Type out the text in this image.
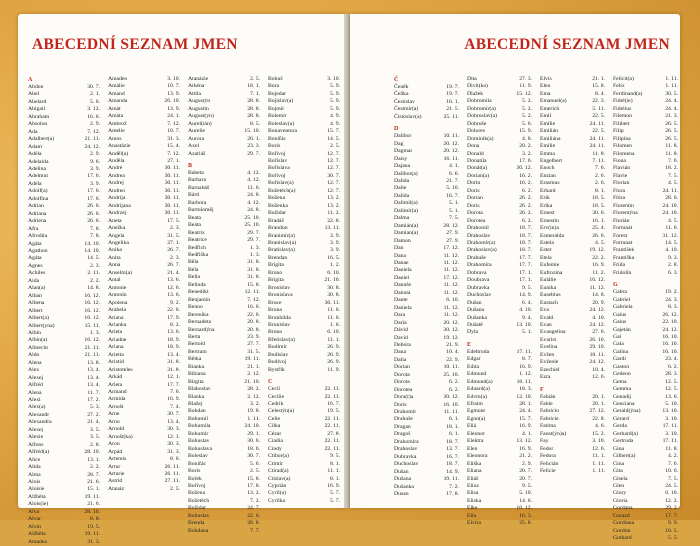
ABECEDNÍ SEZNAM JMEN
A
Abdon	30. 7.
Abel	2. 1.
Abelard	5. 6.
Abigail	3. 12.
Abraham	16. 6.
Absolon	2. 9.
Ada	7. 12.
Adalbert(a)	21. 11.
Adam	24. 12.
Adéla	2. 9.
Adelaida	9. 6.
Adelina	3. 9.
Adelmut	17. 6.
Adéla	3. 9.
Adolf(a)	17. 6.
Adolfína	17. 6.
Adrian	26. 6.
Adriana	26. 6.
Adriena	26. 6.
Afra	7. 8.
Afrodita	7. 8.
Agáta	14. 10.
Agathon	14. 10.
Agáta	14. 5.
Agnes	2. 3.
Achiles	2. 11.
Aida	2. 2.
Alan(a)	14. 8.
Alban	16. 12.
Albena	16. 12.
Albert	16. 12.
Albert(a)	16. 12.
Albert(yna)	15. 11.
Albín	1. 3.
Albín(a)	16. 12.
Albrecht	21. 11.
Aldo	21. 11.
Alena	13. 8.
Alex	13. 4.
Alexej	13. 4.
Alfréd	13. 4.
Alena	11. 7.
Alexi	17. 2.
Alex(a)	5. 3.
Alexandr	27. 2.
Alexandra	21. 4.
Alexej	3. 5.
Alexie	3. 5.
Alfons	2. 8.
Alfréd(a)	28. 10.
Alice	13. 1.
Alida	2. 2.
Alma	28. 7.
Alois	21. 6.
Aloisie	15. 1.
Alžběta	19. 11.
Alois(ie)	21. 6.
Alva	28. 10.
Alvar	8. 8.
Alvin	19. 5.
Alžběta	19. 11.
Amadea	31. 3.
Amadeo	3. 10.
Amálie	10. 7.
Amand	13. 9.
Amanda	26. 10.
Amát	13. 9.
Amáta	24. 1.
Ambrož	7. 12.
Amelie	10. 7.
Amos	31. 3.
Anastázie	15. 4.
Anděl(a)	7. 12.
Anděla	27. 1.
André	30. 11.
Andrea	30. 11.
Andrej	30. 11.
Andreo	30. 11.
Andrija	30. 11.
Andrijana	30. 11.
Andrzej	30. 11.
Aneta	17. 5.
Anežka	2. 3.
Angela	31. 5.
Angelika	27. 1.
Anika	26. 7.
Anita	2. 3.
Anna	26. 7.
Anselm(a)	21. 4.
Antal	13. 6.
Antonie	12. 6.
Antonín	13. 6.
Apolena	9. 2.
Arabela	22. 6.
Ariana	17. 9.
Arianka	8. 2.
Arieta	13. 6.
Ariadne	18. 9.
Ariana	18. 9.
Arietta	13. 4.
Aristid	31. 8.
Aristoteles	31. 8.
Arkád	12. 1.
Arleta	17. 7.
Armand	7. 6.
Armida	16. 9.
Arnošt	7. 4.
Arne	30. 7.
Arno	13. 4.
Arnold	30. 3.
Arnošt(ka)	12. 1.
Aron	30. 3.
Arpád	31. 3.
Artemis	8. 6.
Artur	26. 11.
Arturie	26. 11.
Astrid	27. 11.
Atanáz	2. 5.
Atanázie	2. 5.
Athéna	18. 1.
Attila	7. 1.
Augustýn	28. 8.
Augustin	28. 8.
August(yn)	28. 8.
Aurel(ián)	8. 5.
Aurelie	15. 10.
Aurora	26. 1.
Axel	23. 3.
Azariáš	29. 7.
B
Babeta	4. 12.
Barbara	4. 12.
Barnabáš	11. 6.
Bártl	24. 8.
Barbora	4. 12.
Bartoloměj	24. 8.
Beata	25. 10.
Beáta	25. 10.
Beatrix	29. 7.
Beatrice	29. 7.
Bedřich	1. 3.
Bedřiška	1. 3.
Běla	31. 8.
Béla	31. 8.
Bella	31. 8.
Belinda	15. 8.
Benedikt	12. 11.
Benjamín	7. 12.
Benno	16. 6.
Berenika	22. 6.
Bernadeta	20. 8.
Bernardýna	20. 8.
Berta	23. 9.
Bertold	27. 7.
Bertram	31. 5.
Bětka	19. 11.
Bianka	21. 1.
Bibiana	2. 12.
Birgita	21. 10.
Blahoslav	28. 2.
Blanka	2. 12.
Blažej	3. 2.
Bohdan	19. 8.
Bohumil	1. 11.
Bohumila	24. 10.
Bohumír	29. 1.
Bohuslav	30. 6.
Bohuslava	18. 6.
Boleslav	30. 7.
Bonifác	5. 6.
Boris	2. 5.
Bořek	15. 8.
Bořivoj	17. 8.
Božena	13. 2.
Božetěch	7. 2.
Božidar	24. 7.
Bohuslav	22. 6.
Brenda	28. 8.
Bohdana	7. 7.
Bohuš	3. 10.
Bora	5. 9.
Bojedar	5. 9.
Bojislav(a)	5. 9.
Bojmir	5. 9.
Bolemír	4. 9.
Boleslav(a)	4. 9.
Bonaventura	15. 7.
Bonifác	14. 5.
Boris	2. 5.
Bořivoj	12. 7.
Bořislav	12. 7.
Bořislava	12. 7.
Bořivoj	30. 7.
Bořislav(a)	12. 7.
Božetěch(a)	12. 7.
Božena	13. 2.
Boženka	13. 2.
Božidar	11. 2.
Bradáč	22. 8.
Brandon	13. 11.
Branimír(a)	3. 9.
Branislav(a)	3. 9.
Bratislav(a)	3. 9.
Brendan	16. 5.
Brigita	1. 2.
Bruno	6. 10.
Brigita	21. 10.
Bronislav	30. 8.
Bronislava	30. 8.
Bruce	30. 11.
Bruna	11. 6.
Brunhilda	11. 6.
Brunislav	1. 6.
Bruno	6. 10.
Břetislav(a)	11. 1.
Budimír	26. 9.
Budislav	26. 9.
Budivoj	26. 9.
Bystřík	11. 9.
C
Cecil	22. 11.
Cecílie	22. 11.
Cedrik	16. 7.
Celestýn(a)	19. 5.
Celie	22. 11.
Cilka	22. 11.
Cézar	27. 8.
Ciadia	22. 11.
Cindy	22. 11.
Ctibor(a)	9. 5.
Ctimír	8. 1.
Ctirad(a)	11. 1.
Ctislav(a)	8. 1.
Cyprián	16. 9.
Cyril(a)	5. 7.
Cyrilka	5. 7.
ABECEDNÍ SEZNAM JMEN
Č
Čeněk	19. 7.
Čeňka	19. 7.
Čestislav	16. 1.
Čestmír(a)	21. 5.
Čistoslav(a)	25. 11.
D
Dalibor	10. 11.
Dag	20. 12.
Dagmar	20. 12.
Daisy	16. 11.
Dajana	4. 1.
Dalibor(a)	6. 6.
Dalida	21. 7.
Dalie	5. 10.
Dalida	16. 7.
Dalimil(a)	5. 1.
Dalimír(a)	5. 1.
Dalma	7. 5.
Damián(a)	28. 12.
Damian(a)	27. 9.
Damon	27. 9.
Dan	17. 12.
Dana	11. 12.
Danae	11. 12.
Daniela	11. 12.
Daniel	17. 12.
Danuše	11. 12.
Danuta	11. 12.
Dante	6. 10.
Daniela	11. 12.
Dara	11. 12.
Daria	20. 12.
Dávid	30. 12.
David	19. 12.
Debora	21. 9.
Dana	10. 4.
Dalia	22. 9.
Dorian	10. 11.
Dorota	25. 10.
Dorota	6. 2.
Dorotea	6. 2.
Dora(t)a	30. 12.
Doris	16. 10.
Drahomír	11. 11.
Drahuše	6. 1.
Dragan	18. 1.
Dragoš	6. 1.
Drahomíra	18. 7.
Drahoslav	13. 7.
Dubravka	16. 7.
Duchoslav	18. 7.
Dušan	14. 9.
Dušana	19. 11.
Dušanka	7. 2.
Dusan	17. 8.
Dita	27. 3.
Divit(ka)	11. 9.
Dlažek	15. 12.
Dobromila	5. 2.
Dobromír(a)	5. 2.
Dobroslav(a)	5. 2.
Dobruše	5. 6.
Dolores	15. 9.
Dominik(a)	4. 8.
Dona	20. 2.
Donald	3. 2.
Donatila	17. 6.
Donát(a)	30. 12.
Dorian(a)	16. 2.
Dorin	16. 2.
Doris	6. 2.
Dorian	26. 2.
Doris	26. 2.
Dorota	26. 2.
Dorotea	6. 2.
Drahomil	18. 7.
Drahoslav	18. 7.
Drahomír(a)	18. 7.
Drahoslav(a)	18. 7.
Drahuše	17. 7.
Drahomíra	17. 7.
Dobrava	17. 1.
Doubrava	17. 1.
Dubravka	9. 5.
Duchoslav	14. 9.
Dušan	6. 4.
Dušana	4. 10.
Dušanka	9. 4.
Dušatě	13. 10.
Dyla	5. 1.
E
Edeltruda	17. 11.
Edgar	8. 7.
Edita	16. 9.
Edmund	1. 12.
Edmund(a)	16. 11.
Eduard(a)	18. 3.
Edvin(a)	12. 10.
Efraim	28. 1.
Egmont	24. 4.
Egon(a)	15. 7.
Eliá	16. 9.
Eleonor	4. 1.
Elektra	13. 12.
Elen	16. 9.
Eleonora	21. 2.
Eliška	2. 9.
Eliana	20. 7.
Eliáš	20. 7.
Eliza	9. 5.
Elisa	5. 10.
Eliska	14. 6.
Elke	16. 12.
Ella	16. 3.
Elvíra	25. 8.
Elvis	21. 1.
Elen	15. 8.
Ema	8. 4.
Emanuel(a)	22. 3.
Emerich	5. 11.
Emil	22. 5.
Emílie	24. 11.
Emilián	22. 5.
Emiliána	24. 11.
Emílie	24. 11.
Emma	11. 8.
Engelbert	7. 11.
Enoch	7. 6.
Enzian	2. 6.
Erasmus	2. 6.
Erhard	8. 1.
Erik	18. 5.
Erika	18. 5.
Ernest	30. 6.
Ernestin	16. 1.
Erv(in)a	25. 4.
Esmeralda	26. 6.
Estela	4. 5.
Ester	19. 12.
Etela	22. 2.
Eufemie	16. 9.
Eufrozina	11. 2.
Eulálie	10. 12.
Eunika	11. 12.
Eusebius	14. 8.
Eustach	20. 9.
Eva	24. 12.
Evald	4. 10.
Evan	24. 12.
Evangelina	27. 6.
Evarist	26. 10.
Evelína	29. 10.
Evžen	10. 11.
Evženie	24. 12.
Ezechiel	10. 4.
Ezra	12. 6.
F
Fabián	20. 1.
Fabie	20. 1.
Fabricio	27. 12.
Fabricie	22. 8.
Fatima	4. 6.
Faust(ýn)a)	15. 2.
Fay	3. 10.
Fedor	12. 6.
Fedora	11. 1.
Felicián	1. 11.
Felicie	1. 11.
Felicit(a)	1. 11.
Felix	1. 11.
Ferdinand(a)	30. 5.
Fidel(ie)	24. 4.
Fidelius	24. 4.
Filemon	21. 3.
Filibert	26. 5.
Filip	26. 5.
Filipína	26. 5.
Filomen	11. 8.
Filomena	11. 8.
Fiona	7. 6.
Flavián	18. 2.
Flavie	7. 5.
Florian	4. 5.
Flora	24. 11.
Flóra	28. 6.
Florentin	24. 10.
Florentýna	24. 10.
Florián	4. 5.
Fortunát	11. 6.
Forest	31. 12.
Fortunat	14. 5.
František	4. 10.
Františka	9. 3.
Frída	2. 8.
Fridolín	6. 3.
G
Gabra	19. 2.
Gabriel	24. 3.
Gabriela	8. 3.
Gaius	26. 12.
Gaius	22. 10.
Gajetán	24. 12.
Gal	16. 10.
Gala	16. 10.
Galina	16. 10.
Gardi	23. 4.
Gaston	6. 2.
Gedeon	28. 3.
Gema	12. 5.
Gemma	12. 5.
Genadij	13. 6.
Genciana	5. 10.
Gerald(ýna)	13. 10.
Gerard	3. 10.
Gerda	17. 11.
Gerhard(a)	3. 10.
Gertruda	17. 11.
Gina	11. 8.
Gilbert(a)	4. 2.
Gina	7. 6.
Gita	10. 6.
Gisela	7. 5.
Glen	24. 5.
Glory	6. 10.
Gloria	12. 2.
Gordana	29. 2.
Gorazd	17. 7.
Gordiana	9. 9.
Gordon	10. 5.
Gothard	5. 5.
